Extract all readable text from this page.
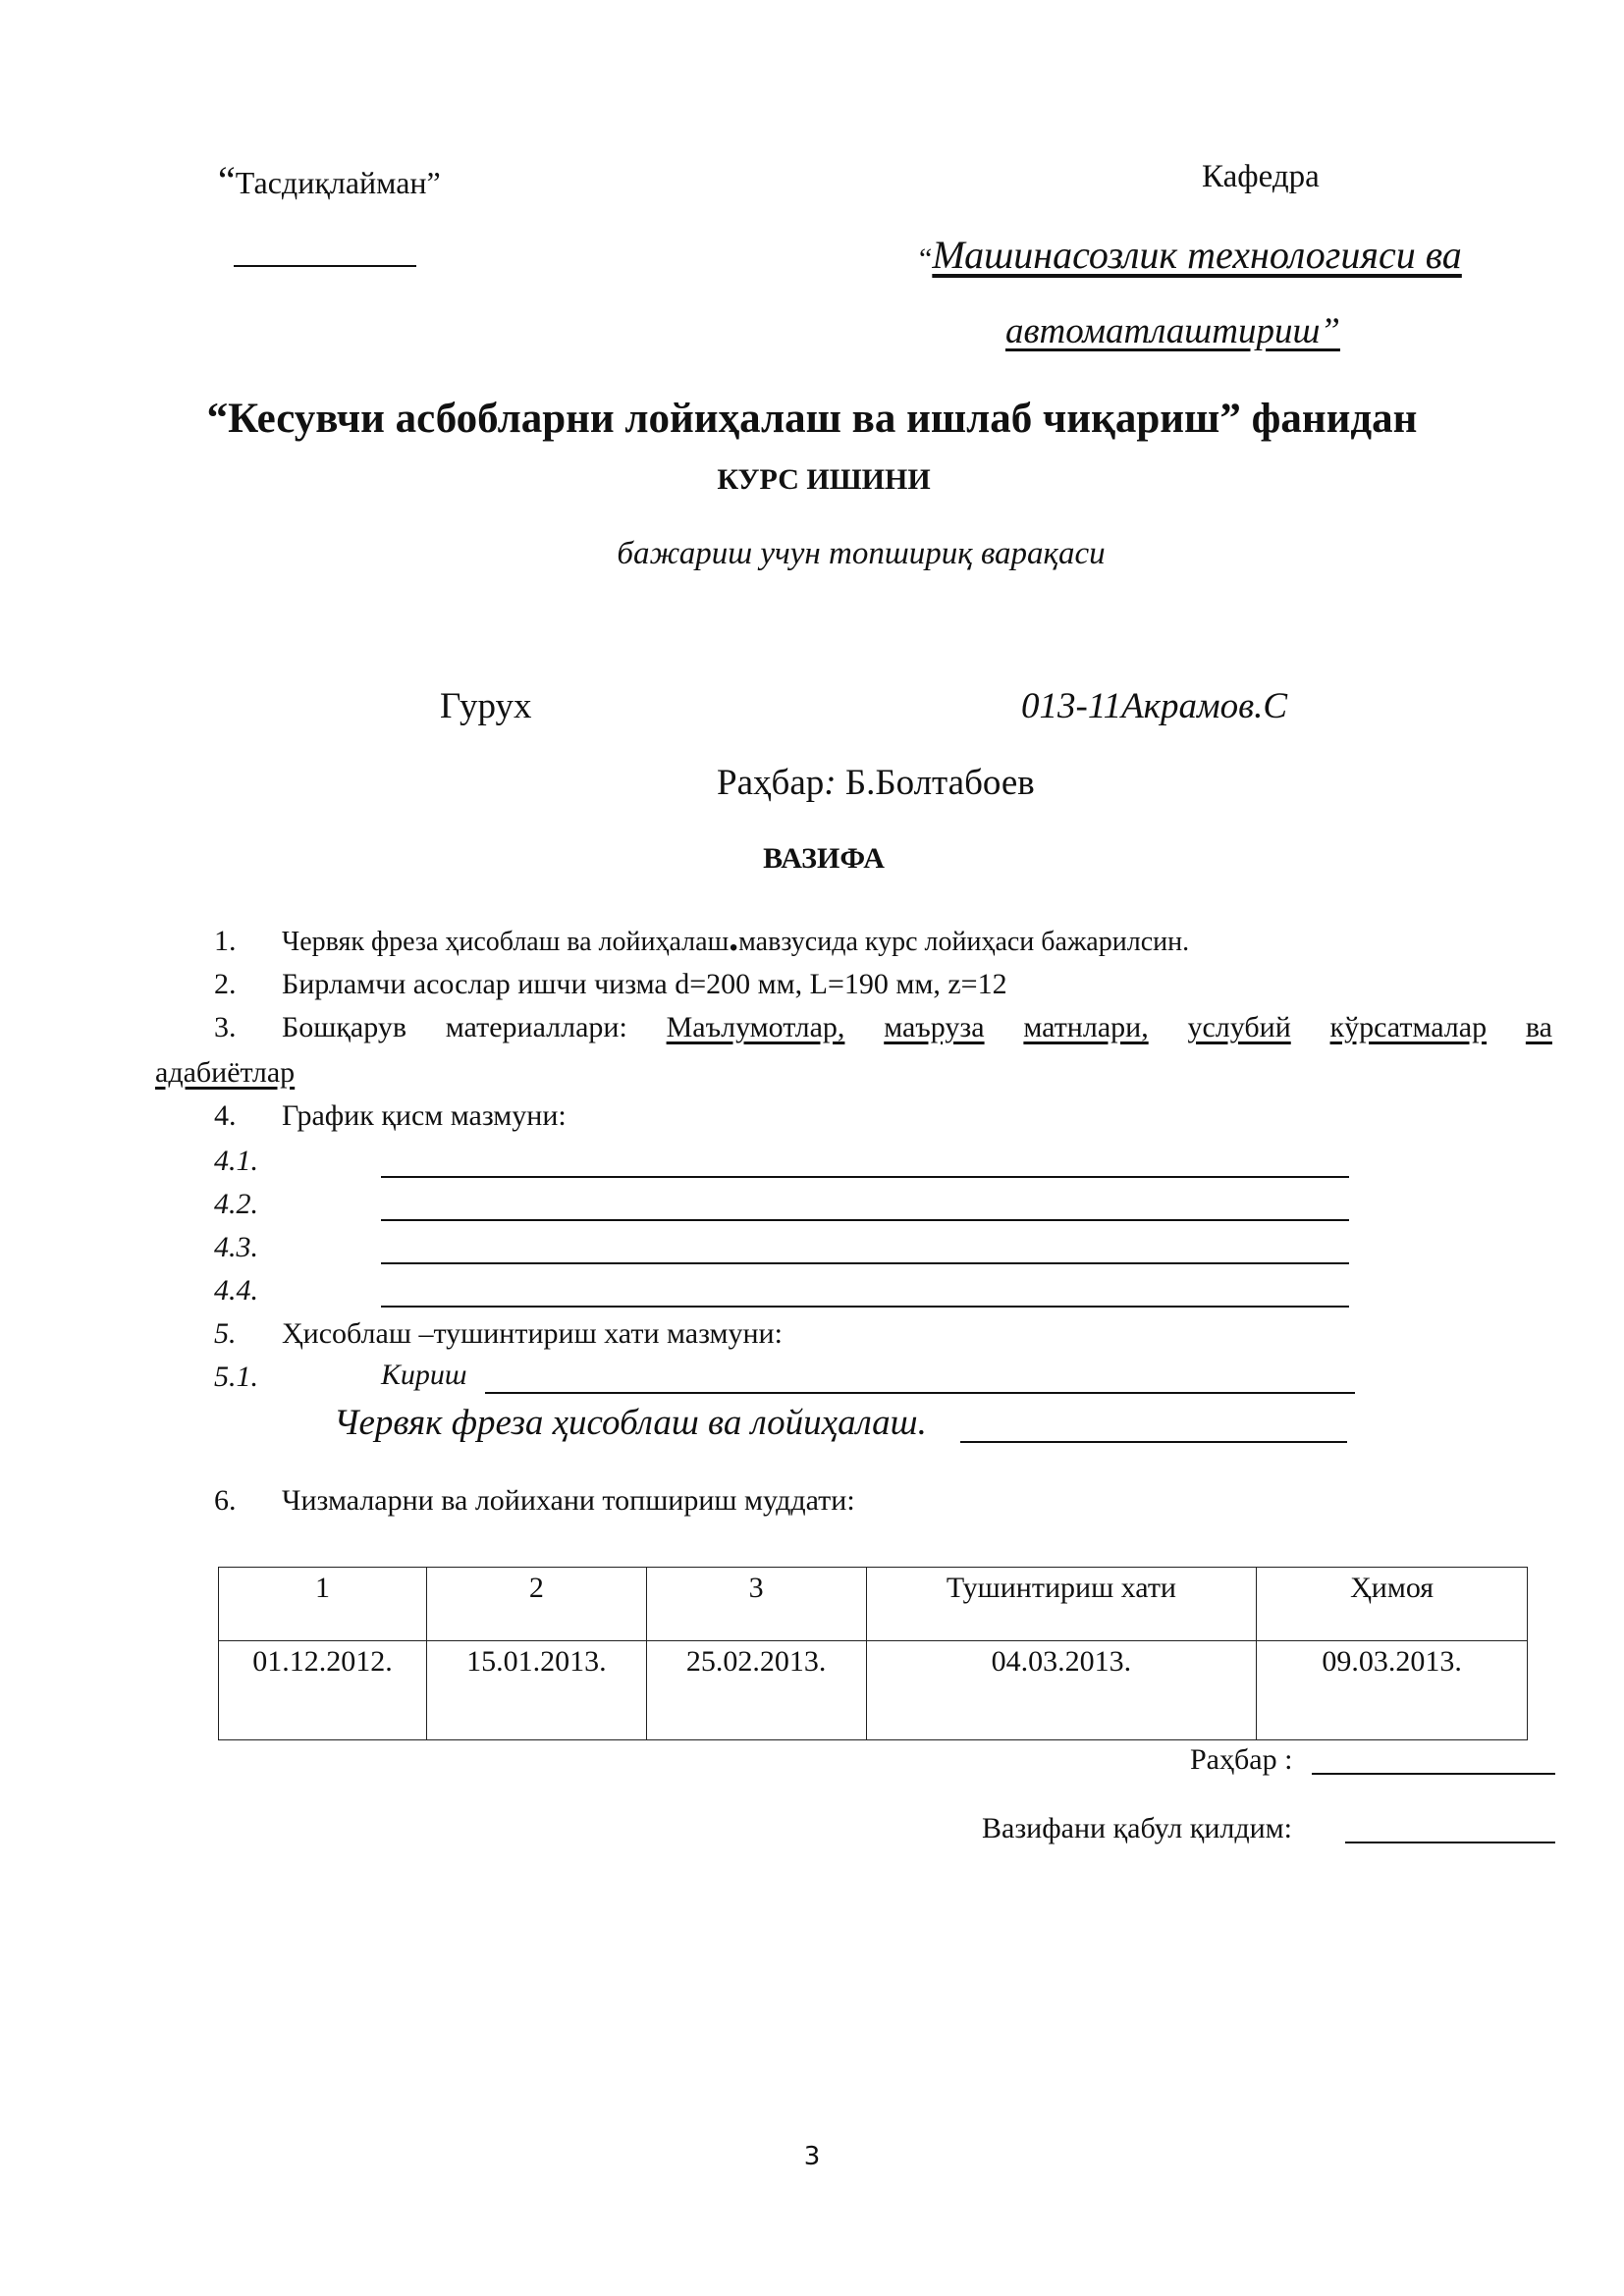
“Тасдиқлайман”	Кафедра
“Машинасозлик технологияси ва
автоматлаштириш”
“Кесувчи асбобларни лойиҳалаш ва ишлаб чиқариш” фанидан
КУРС ИШИНИ
бажариш учун топшириқ варақаси
Гурух	013-11Акрамов.С
Раҳбар: Б.Болтабоев
ВАЗИФА
1. Червяк фреза ҳисоблаш ва лойиҳалаш.мавзусида курс лойиҳаси бажарилсин.
2. Бирламчи асослар ишчи чизма d=200 мм, L=190 мм, z=12
3. Бошқарув материаллари: Маълумотлар, маъруза матнлари, услубий кўрсатмалар ва
адабиётлар
4. График қисм мазмуни:
4.1.
4.2.
4.3.
4.4.
5. Ҳисоблаш –тушинтириш хати мазмуни:
5.1.	Кириш
Червяк фреза ҳисоблаш ва лойиҳалаш.
6. Чизмаларни ва лойихани топшириш муддати:
1	2	3	Тушинтириш хати	Ҳимоя
01.12.2012.	15.01.2013.	25.02.2013.	04.03.2013.	09.03.2013.
Раҳбар :
Вазифани қабул қилдим:
3
